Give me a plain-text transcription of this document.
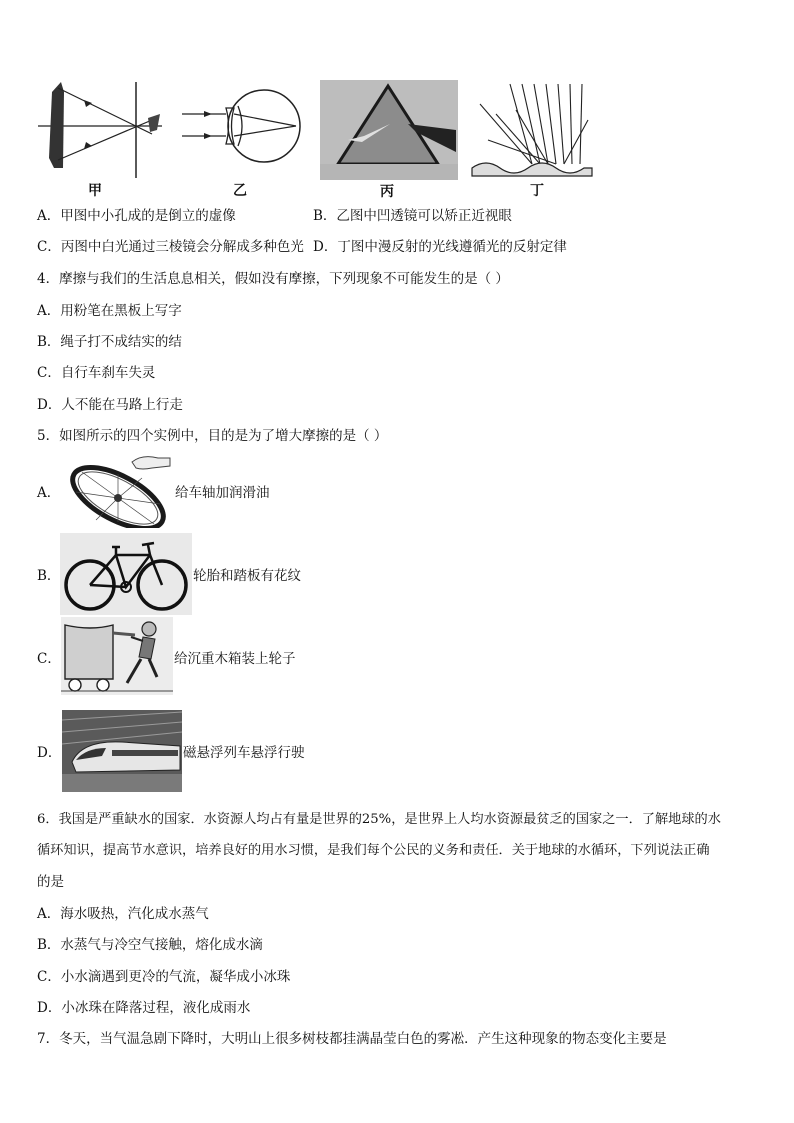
甲	乙	丙	丁
A．甲图中小孔成的是倒立的虚像	B．乙图中凹透镜可以矫正近视眼
C．丙图中白光通过三棱镜会分解成多种色光 D．丁图中漫反射的光线遵循光的反射定律
4．摩擦与我们的生活息息相关，假如没有摩擦，下列现象不可能发生的是（ ）
A．用粉笔在黑板上写字
B．绳子打不成结实的结
C．自行车刹车失灵
D．人不能在马路上行走
5．如图所示的四个实例中，目的是为了增大摩擦的是（ ）
A．	给车轴加润滑油
B．	轮胎和踏板有花纹
C．	给沉重木箱装上轮子
D．	磁悬浮列车悬浮行驶
6．我国是严重缺水的国家．水资源人均占有量是世界的25%，是世界上人均水资源最贫乏的国家之一．了解地球的水
循环知识，提高节水意识，培养良好的用水习惯，是我们每个公民的义务和责任．关于地球的水循环，下列说法正确
的是
A．海水吸热，汽化成水蒸气
B．水蒸气与冷空气接触，熔化成水滴
C．小水滴遇到更冷的气流，凝华成小冰珠
D．小冰珠在降落过程，液化成雨水
7．冬天，当气温急剧下降时，大明山上很多树枝都挂满晶莹白色的雾凇．产生这种现象的物态变化主要是
